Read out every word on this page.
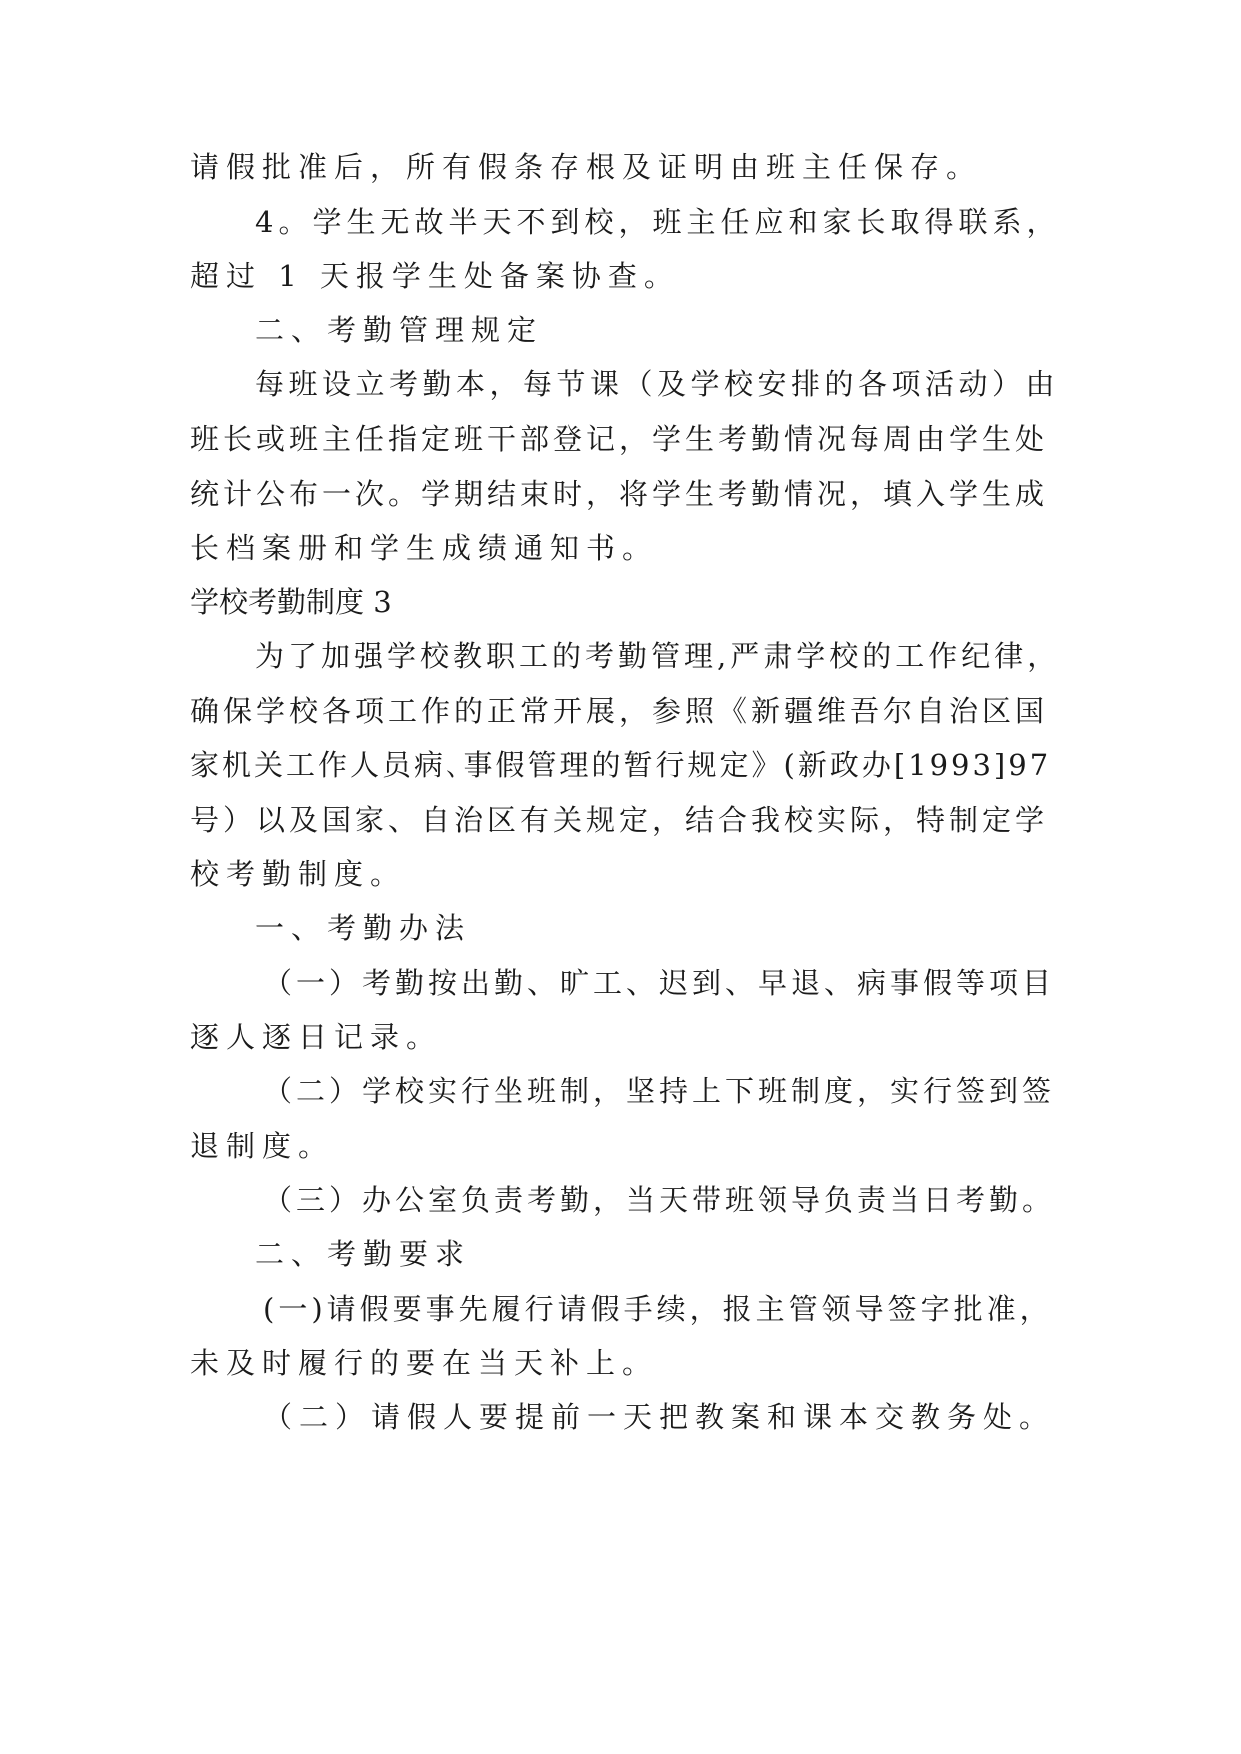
请假批准后，所有假条存根及证明由班主任保存。
4。学生无故半天不到校，班主任应和家长取得联系，
超过 1 天报学生处备案协查。
二、考勤管理规定
每班设立考勤本，每节课（及学校安排的各项活动）由
班长或班主任指定班干部登记，学生考勤情况每周由学生处
统计公布一次。学期结束时，将学生考勤情况，填入学生成
长档案册和学生成绩通知书。
学校考勤制度 3
为了加强学校教职工的考勤管理,严肃学校的工作纪律，
确保学校各项工作的正常开展，参照《新疆维吾尔自治区国
家机关工作人员病､事假管理的暂行规定》(新政办[1993]97
号）以及国家、自治区有关规定，结合我校实际，特制定学
校考勤制度。
一、考勤办法
（一）考勤按出勤、旷工、迟到、早退、病事假等项目
逐人逐日记录。
（二）学校实行坐班制，坚持上下班制度，实行签到签
退制度。
（三）办公室负责考勤，当天带班领导负责当日考勤。
二、考勤要求
(一)请假要事先履行请假手续，报主管领导签字批准，
未及时履行的要在当天补上。
（二）请假人要提前一天把教案和课本交教务处。
